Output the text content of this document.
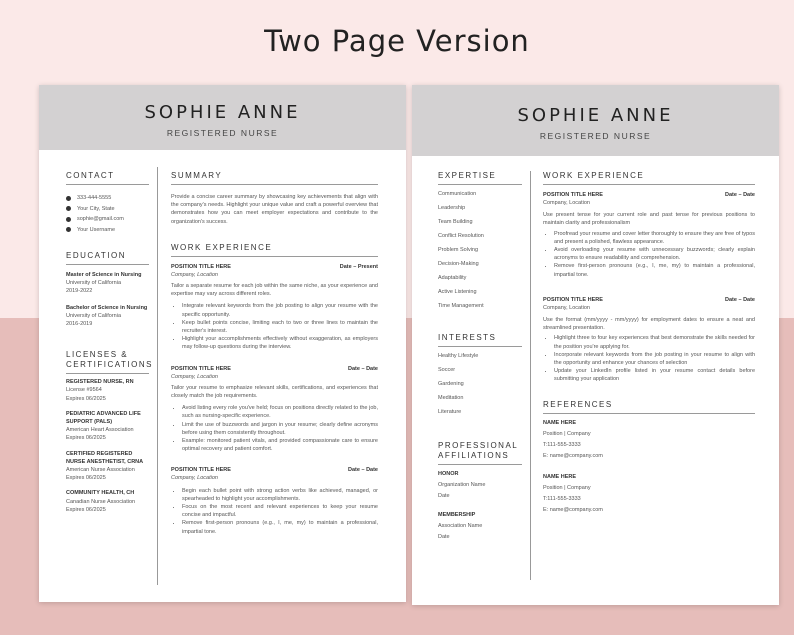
Two Page Version
SOPHIE ANNE
REGISTERED NURSE
CONTACT
333-444-5555
Your City, State
sophie@gmail.com
Your Username
EDUCATION
Master of Science in Nursing
University of California
2019-2022
Bachelor of Science in Nursing
University of California
2016-2019
LICENSES & CERTIFICATIONS
REGISTERED NURSE, RN
License #9564
Expires 06/2025
PEDIATRIC ADVANCED LIFE SUPPORT (PALS)
American Heart Association
Expires 06/2025
CERTIFIED REGISTERED NURSE ANESTHETIST, CRNA
American Nurse Association
Expires 06/2025
COMMUNITY HEALTH, CH
Canadian Nurse Association
Expires 06/2025
SUMMARY
Provide a concise career summary by showcasing key achievements that align with the company's needs. Highlight your unique value and craft a powerful overview that demonstrates how you can meet employer expectations and contribute to the organization's success.
WORK EXPERIENCE
POSITION TITLE HERE	Date – Present
Company, Location
Tailor a separate resume for each job within the same niche, as your experience and expertise may vary across different roles.
• Integrate relevant keywords from the job posting to align your resume with the specific opportunity.
• Keep bullet points concise, limiting each to two or three lines to maintain the recruiter's interest.
• Highlight your accomplishments effectively without exaggeration, as employers may follow-up questions during the interview.
POSITION TITLE HERE	Date – Date
Company, Location
Tailor your resume to emphasize relevant skills, certifications, and experiences that closely match the job requirements.
• Avoid listing every role you've held; focus on positions directly related to the job, such as nursing-specific experience.
• Limit the use of buzzwords and jargon in your resume; clearly define acronyms before using them consistently throughout.
• Example: monitored patient vitals, and provided compassionate care to ensure optimal recovery and patient comfort.
POSITION TITLE HERE	Date – Date
Company, Location
• Begin each bullet point with strong action verbs like achieved, managed, or spearheaded to highlight your accomplishments.
• Focus on the most recent and relevant experiences to keep your resume concise and impactful.
• Remove first-person pronouns (e.g., I, me, my) to maintain a professional, impartial tone.
SOPHIE ANNE
REGISTERED NURSE
EXPERTISE
Communication
Leadership
Team Building
Conflict Resolution
Problem Solving
Decision-Making
Adaptability
Active Listening
Time Management
INTERESTS
Healthy Lifestyle
Soccer
Gardening
Meditation
Literature
PROFESSIONAL AFFILIATIONS
HONOR
Organization Name
Date
MEMBERSHIP
Association Name
Date
WORK EXPERIENCE
POSITION TITLE HERE	Date – Date
Company, Location
Use present tense for your current role and past tense for previous positions to maintain clarity and professionalism
• Proofread your resume and cover letter thoroughly to ensure they are free of typos and present a polished, flawless appearance.
• Avoid overloading your resume with unnecessary buzzwords; clearly explain acronyms to ensure readability and comprehension.
• Remove first-person pronouns (e.g., I, me, my) to maintain a professional, impartial tone.
POSITION TITLE HERE	Date – Date
Company, Location
Use the format (mm/yyyy - mm/yyyy) for employment dates to ensure a neat and streamlined presentation.
• Highlight three to four key experiences that best demonstrate the skills needed for the position you're applying for.
• Incorporate relevant keywords from the job posting in your resume to align with the opportunity and enhance your chances of selection
• Update your LinkedIn profile listed in your resume contact details before submitting your application
REFERENCES
NAME HERE
Position | Company
T:111-555-3333
E: name@company.com
NAME HERE
Position | Company
T:111-555-3333
E: name@company.com
